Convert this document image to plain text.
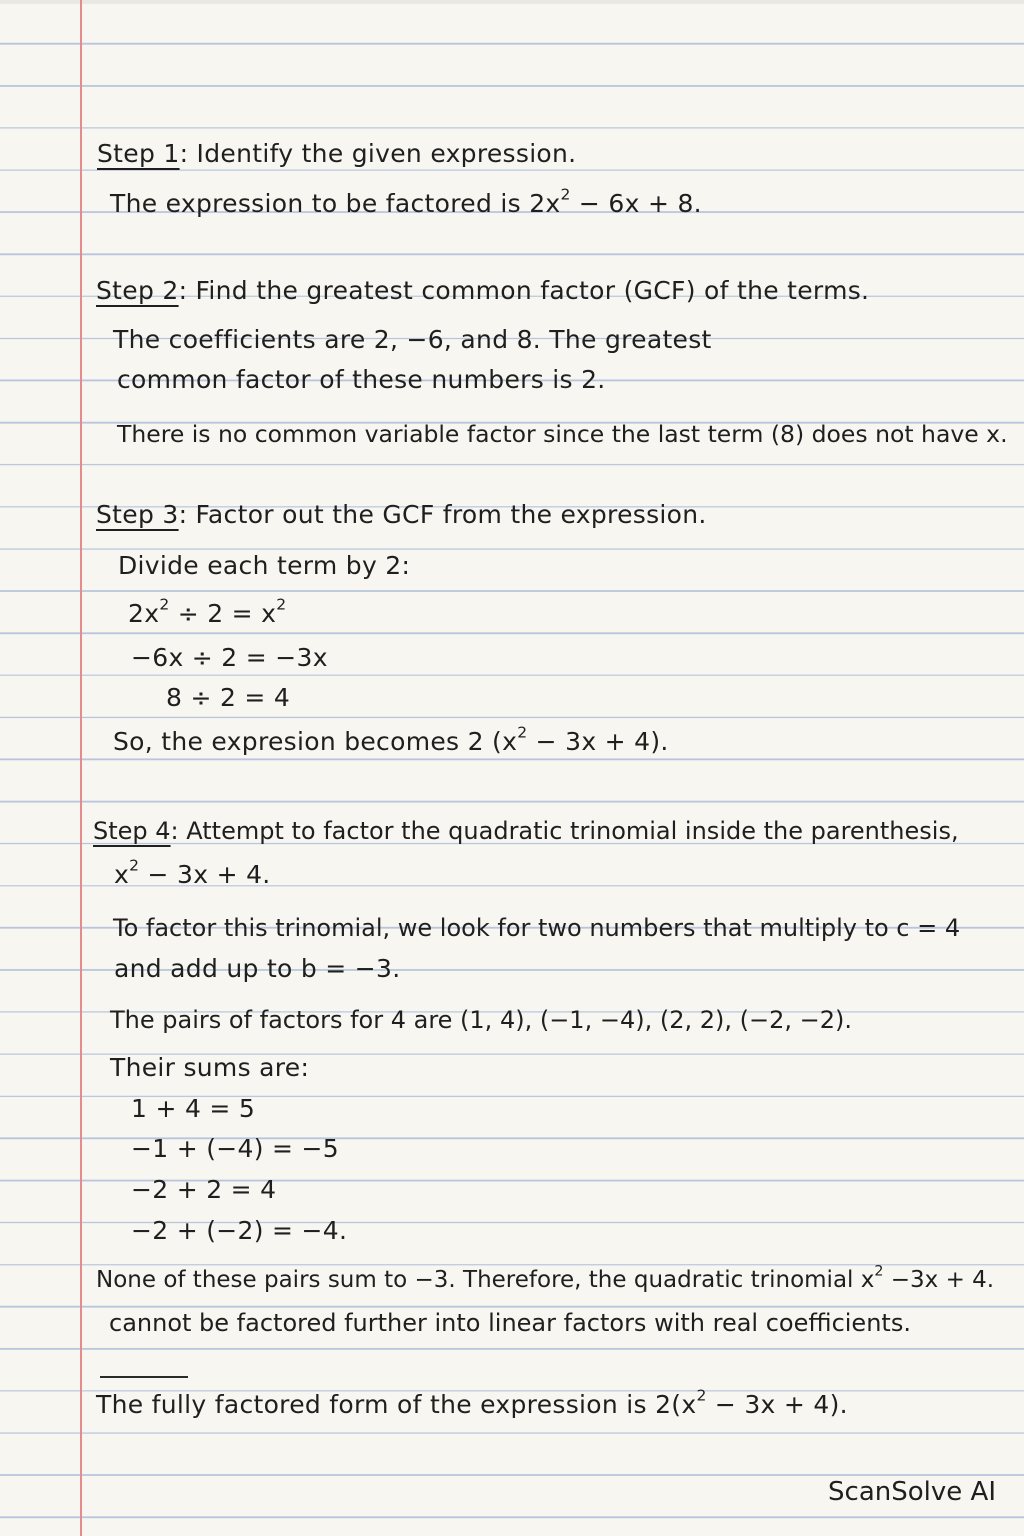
Step 1: Identify the given expression.
The expression to be factored is $2x^2 - 6x + 8$.
Step 2: Find the greatest common factor (GCF) of the terms.
The coefficients are 2, −6, and 8. The greatest
common factor of these numbers is 2.
There is no common variable factor since the last term (8) does not have x.
Step 3: Factor out the GCF from the expression.
Divide each term by 2:
$2x^2 \div 2 = x^2$
−6x ÷ 2 = −3x
8 ÷ 2 = 4
So, the expresion becomes 2 $(x^2 - 3x + 4)$.
Step 4: Attempt to factor the quadratic trinomial inside the parenthesis,
$x^2 - 3x + 4$.
To factor this trinomial, we look for two numbers that multiply to c = 4
and add up to b = −3.
The pairs of factors for 4 are (1, 4), (−1, −4), (2, 2), (−2, −2).
Their sums are:
1 + 4 = 5
−1 + (−4) = −5
−2 + 2 = 4
−2 + (−2) = −4.
None of these pairs sum to −3. Therefore, the quadratic trinomial $x^2 -3x + 4$.
cannot be factored further into linear factors with real coefficients.
The fully factored form of the expression is $2(x^2 - 3x + 4)$.
ScanSolve AI
